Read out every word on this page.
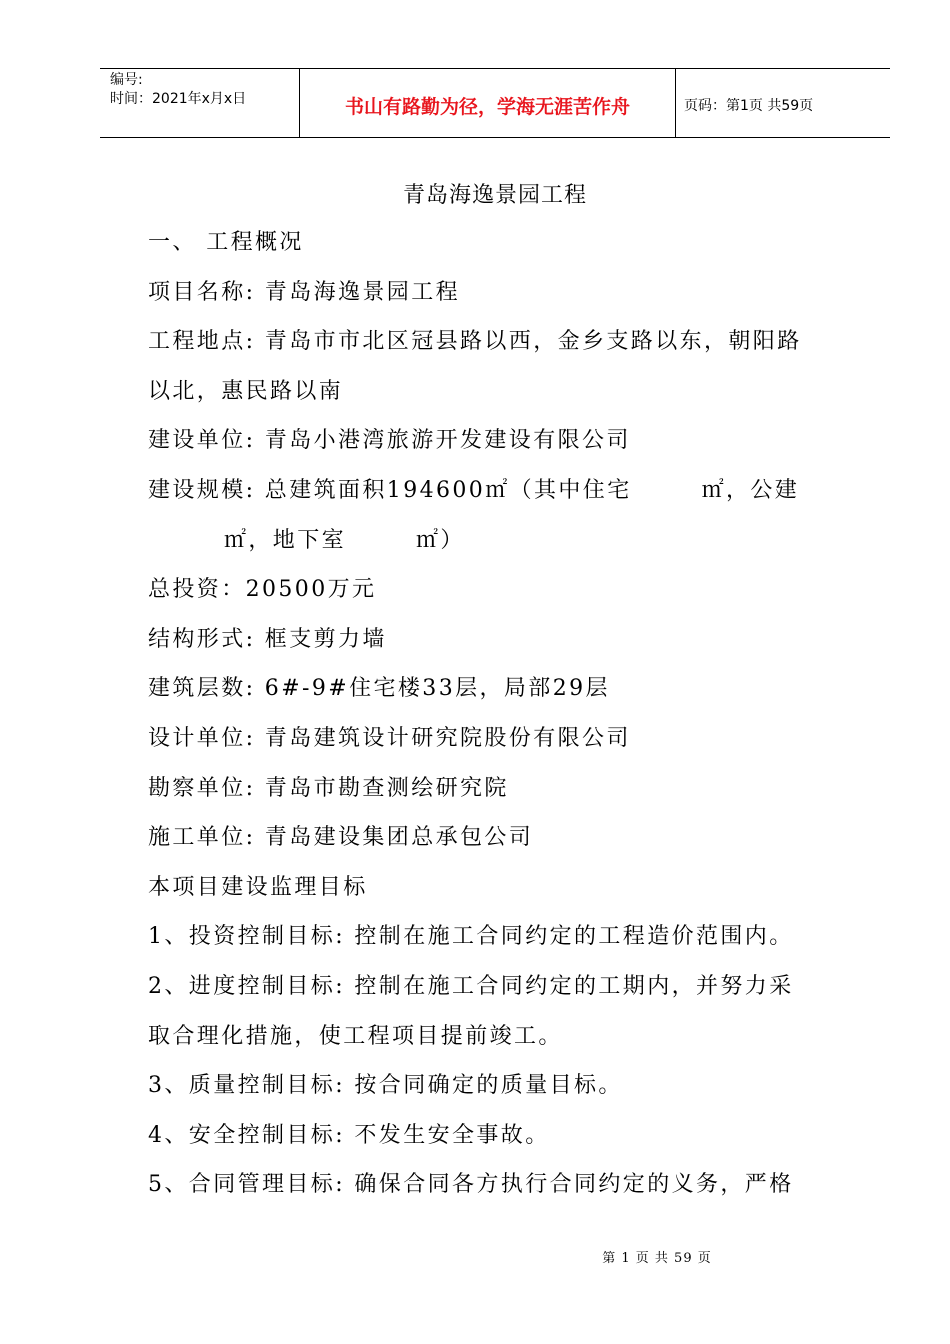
编号:
时间：2021年x月x日	书山有路勤为径，学海无涯苦作舟	页码：第1页 共59页
青岛海逸景园工程
一、 工程概况
项目名称: 青岛海逸景园工程
工程地点: 青岛市市北区冠县路以西，金乡支路以东，朝阳路
以北，惠民路以南
建设单位: 青岛小港湾旅游开发建设有限公司
建设规模: 总建筑面积194600㎡（其中住宅	㎡，公建
㎡，地下室	㎡）
总投资：20500万元
结构形式: 框支剪力墙
建筑层数: 6#-9#住宅楼33层，局部29层
设计单位: 青岛建筑设计研究院股份有限公司
勘察单位: 青岛市勘查测绘研究院
施工单位: 青岛建设集团总承包公司
本项目建设监理目标
1、投资控制目标: 控制在施工合同约定的工程造价范围内。
2、进度控制目标: 控制在施工合同约定的工期内，并努力采
取合理化措施，使工程项目提前竣工。
3、质量控制目标: 按合同确定的质量目标。
4、安全控制目标: 不发生安全事故。
5、合同管理目标: 确保合同各方执行合同约定的义务，严格
第 1 页 共 59 页
